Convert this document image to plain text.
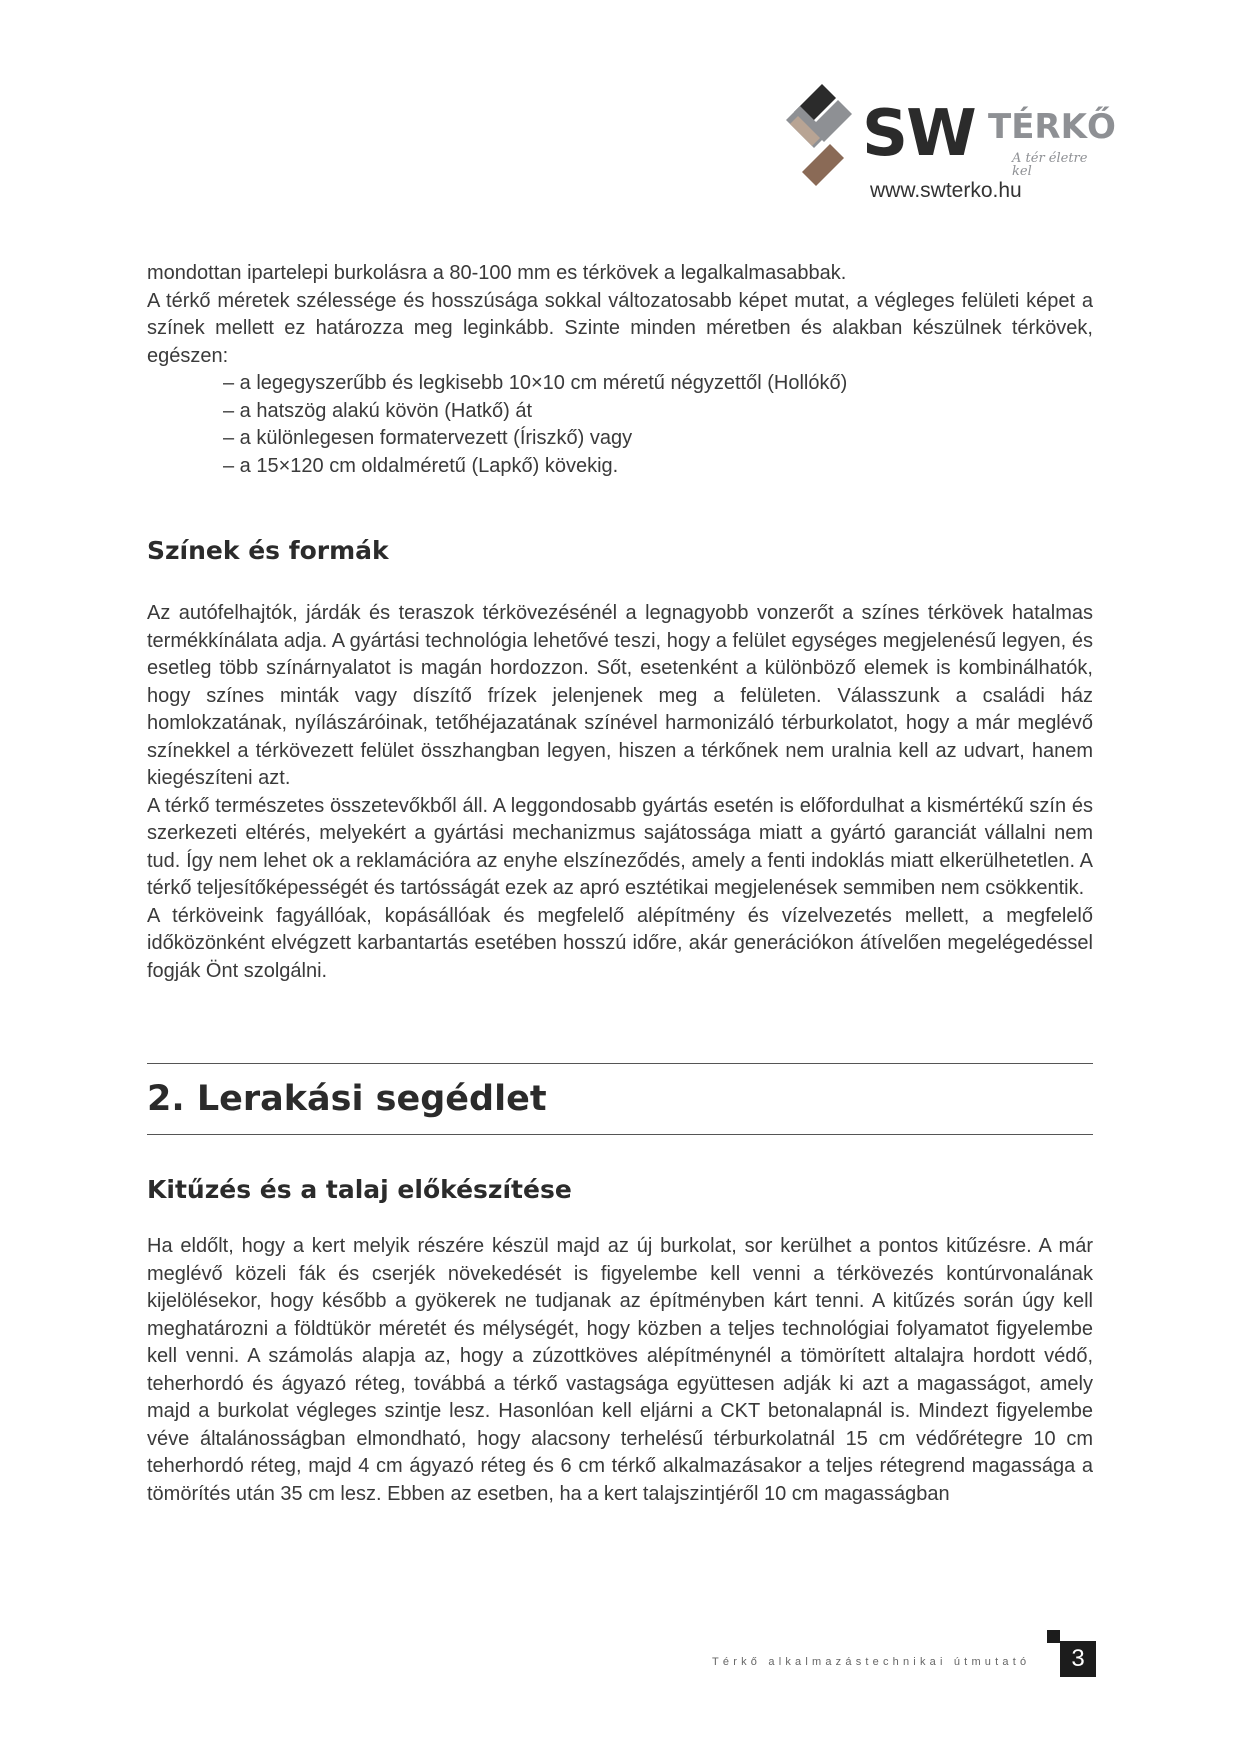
SW TÉRKŐ
A tér életre kel
www.swterko.hu

mondottan ipartelepi burkolásra a 80-100 mm es térkövek a legalkalmasabbak.

A térkő méretek szélessége és hosszúsága sokkal változatosabb képet mutat, a végleges felületi képet a színek mellett ez határozza meg leginkább. Szinte minden méretben és alakban készülnek térkövek, egészen:

– a legegyszerűbb és legkisebb 10×10 cm méretű négyzettől (Hollókő)
– a hatszög alakú kövön (Hatkő) át
– a különlegesen formatervezett (Íriszkő) vagy
– a 15×120 cm oldalméretű (Lapkő) kövekig.
Színek és formák

Az autófelhajtók, járdák és teraszok térkövezésénél a legnagyobb vonzerőt a színes térkövek hatalmas termékkínálata adja. A gyártási technológia lehetővé teszi, hogy a felület egységes megjelenésű legyen, és esetleg több színárnyalatot is magán hordozzon. Sőt, esetenként a különböző elemek is kombinálhatók, hogy színes minták vagy díszítő frízek jelenjenek meg a felületen. Válasszunk a családi ház homlokzatának, nyílászáróinak, tetőhéjazatának színével harmonizáló térburkolatot, hogy a már meglévő színekkel a térkövezett felület összhangban legyen, hiszen a térkőnek nem uralnia kell az udvart, hanem kiegészíteni azt.

A térkő természetes összetevőkből áll. A leggondosabb gyártás esetén is előfordulhat a kismértékű szín és szerkezeti eltérés, melyekért a gyártási mechanizmus sajátossága miatt a gyártó garanciát vállalni nem tud. Így nem lehet ok a reklamációra az enyhe elszíneződés, amely a fenti indoklás miatt elkerülhetetlen. A térkő teljesítőképességét és tartósságát ezek az apró esztétikai megjelenések semmiben nem csökkentik.

A térköveink fagyállóak, kopásállóak és megfelelő alépítmény és vízelvezetés mellett, a megfelelő időközönként elvégzett karbantartás esetében hosszú időre, akár generációkon átívelően megelégedéssel fogják Önt szolgálni.

2. Lerakási segédlet
Kitűzés és a talaj előkészítése

Ha eldőlt, hogy a kert melyik részére készül majd az új burkolat, sor kerülhet a pontos kitűzésre. A már meglévő közeli fák és cserjék növekedését is figyelembe kell venni a térkövezés kontúrvonalának kijelölésekor, hogy később a gyökerek ne tudjanak az építményben kárt tenni. A kitűzés során úgy kell meghatározni a földtükör méretét és mélységét, hogy közben a teljes technológiai folyamatot figyelembe kell venni. A számolás alapja az, hogy a zúzottköves alépítménynél a tömörített altalajra hordott védő, teherhordó és ágyazó réteg, továbbá a térkő vastagsága együttesen adják ki azt a magasságot, amely majd a burkolat végleges szintje lesz. Hasonlóan kell eljárni a CKT betonalapnál is. Mindezt figyelembe véve általánosságban elmondható, hogy alacsony terhelésű térburkolatnál 15 cm védőrétegre 10 cm teherhordó réteg, majd 4 cm ágyazó réteg és 6 cm térkő alkalmazásakor a teljes rétegrend magassága a tömörítés után 35 cm lesz. Ebben az esetben, ha a kert talajszintjéről 10 cm magasságban

Térkő alkalmazástechnikai útmutató	3
